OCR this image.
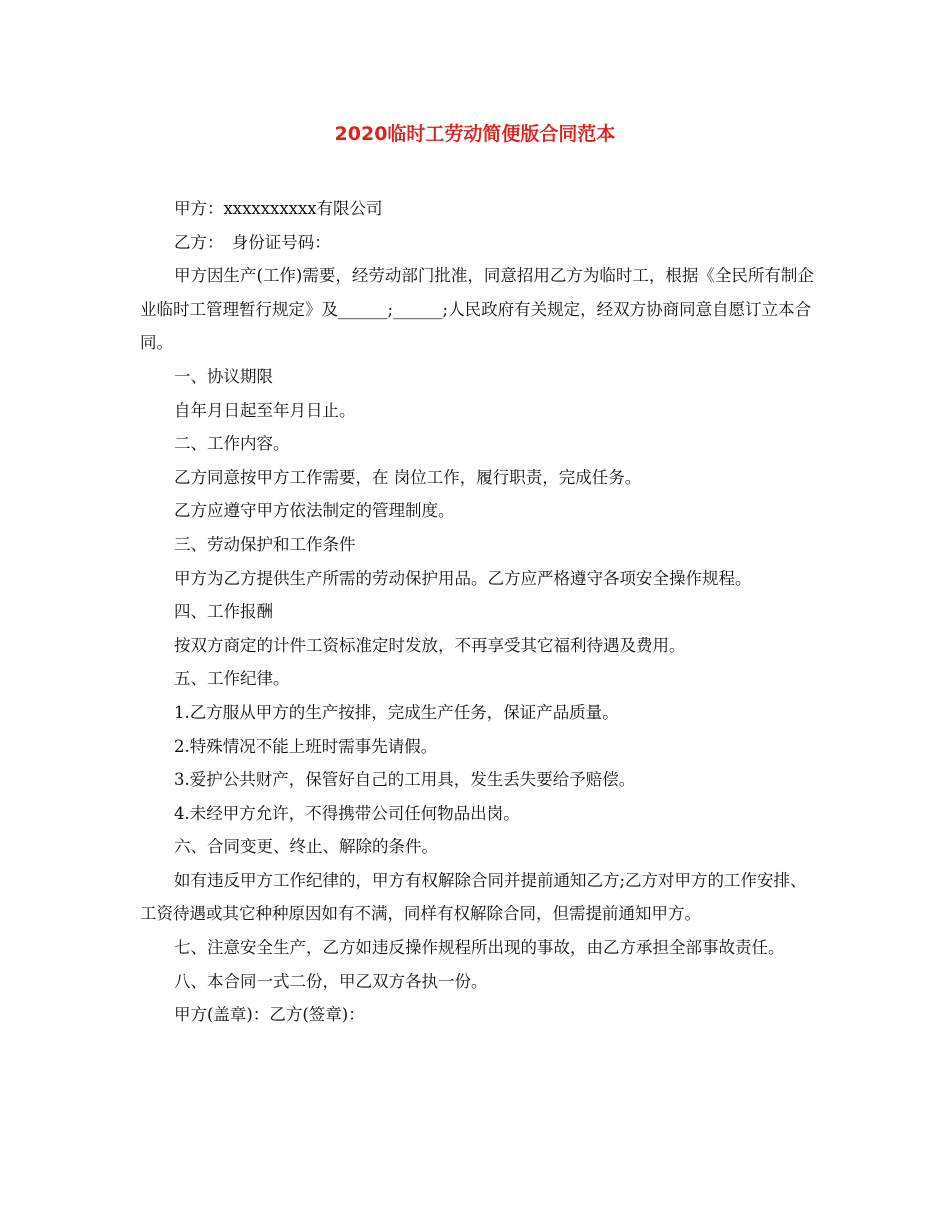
2020临时工劳动简便版合同范本

甲方：xxxxxxxxxx有限公司

乙方：　身份证号码：

甲方因生产(工作)需要，经劳动部门批准，同意招用乙方为临时工，根据《全民所有制企业临时工管理暂行规定》及______;______;人民政府有关规定，经双方协商同意自愿订立本合同。

一、协议期限

自年月日起至年月日止。

二、工作内容。

乙方同意按甲方工作需要，在 岗位工作，履行职责，完成任务。

乙方应遵守甲方依法制定的管理制度。

三、劳动保护和工作条件

甲方为乙方提供生产所需的劳动保护用品。乙方应严格遵守各项安全操作规程。

四、工作报酬

按双方商定的计件工资标准定时发放，不再享受其它福利待遇及费用。

五、工作纪律。

1.乙方服从甲方的生产按排，完成生产任务，保证产品质量。

2.特殊情况不能上班时需事先请假。

3.爱护公共财产，保管好自己的工用具，发生丢失要给予赔偿。

4.未经甲方允许，不得携带公司任何物品出岗。

六、合同变更、终止、解除的条件。

如有违反甲方工作纪律的，甲方有权解除合同并提前通知乙方;乙方对甲方的工作安排、工资待遇或其它种种原因如有不满，同样有权解除合同，但需提前通知甲方。

七、注意安全生产，乙方如违反操作规程所出现的事故，由乙方承担全部事故责任。

八、本合同一式二份，甲乙双方各执一份。

甲方(盖章)：乙方(签章)：
